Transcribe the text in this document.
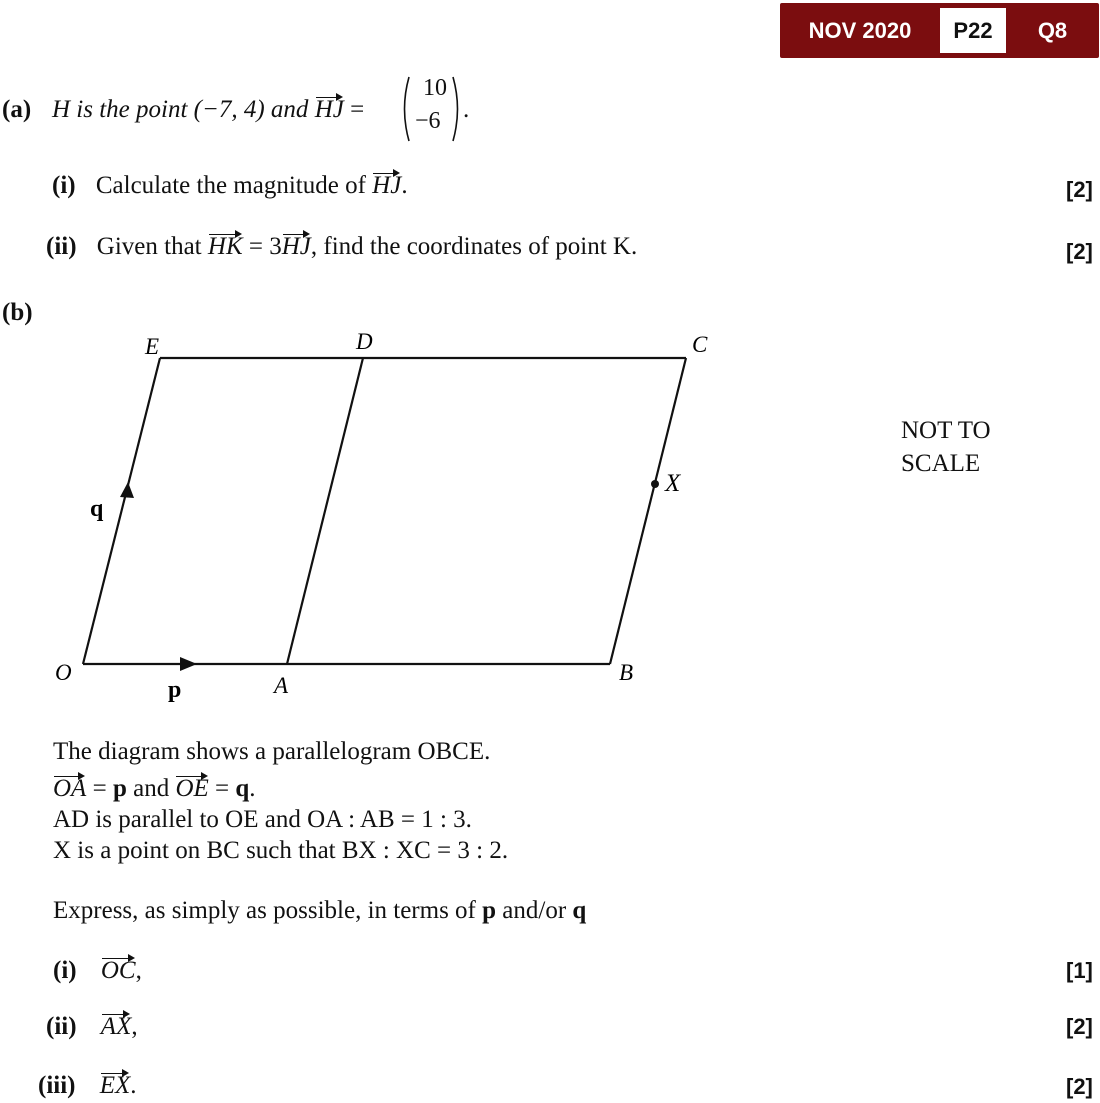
NOV 2020	P22	Q8
(a) H is the point (−7, 4) and HJ =
10
−6 .
(i) Calculate the magnitude of HJ.	[2]
(ii) Given that HK = 3HJ, find the coordinates of point K.	[2]
(b)
E	D	C
X
O
A
B
p
q
NOT TO
SCALE
The diagram shows a parallelogram OBCE.
OA = p and OE = q.
AD is parallel to OE and OA : AB = 1 : 3.
X is a point on BC such that BX : XC = 3 : 2.
Express, as simply as possible, in terms of p and/or q
(i) OC,	[1]
(ii) AX,	[2]
(iii) EX.	[2]
